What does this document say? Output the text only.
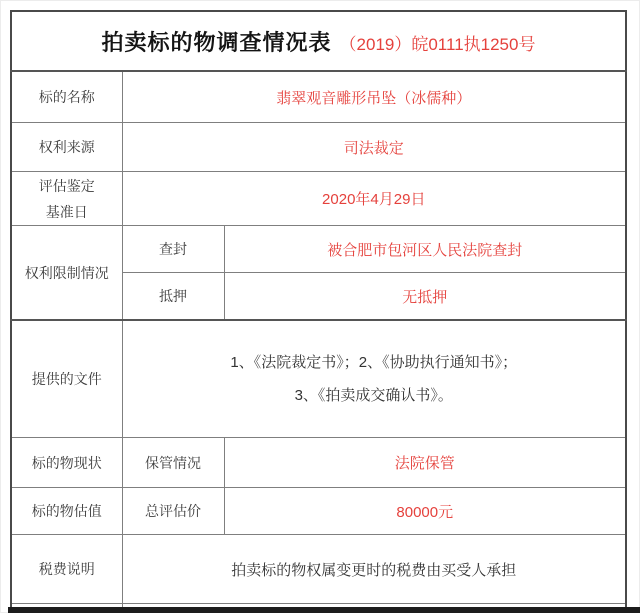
拍卖标的物调查情况表 （2019）皖0111执1250号		
标的名称	翡翠观音雕形吊坠（冰儒种）	
权利来源	司法裁定	

评估鉴定
基准日	2020年4月29日	
权利限制情况	查封	被合肥市包河区人民法院查封
	抵押	无抵押
提供的文件	1、《法院裁定书》；2、《协助执行通知书》；
3、《拍卖成交确认书》。	

标的物现状	保管情况	法院保管
标的物估值	总评估价	80000元
税费说明	拍卖标的物权属变更时的税费由买受人承担	
